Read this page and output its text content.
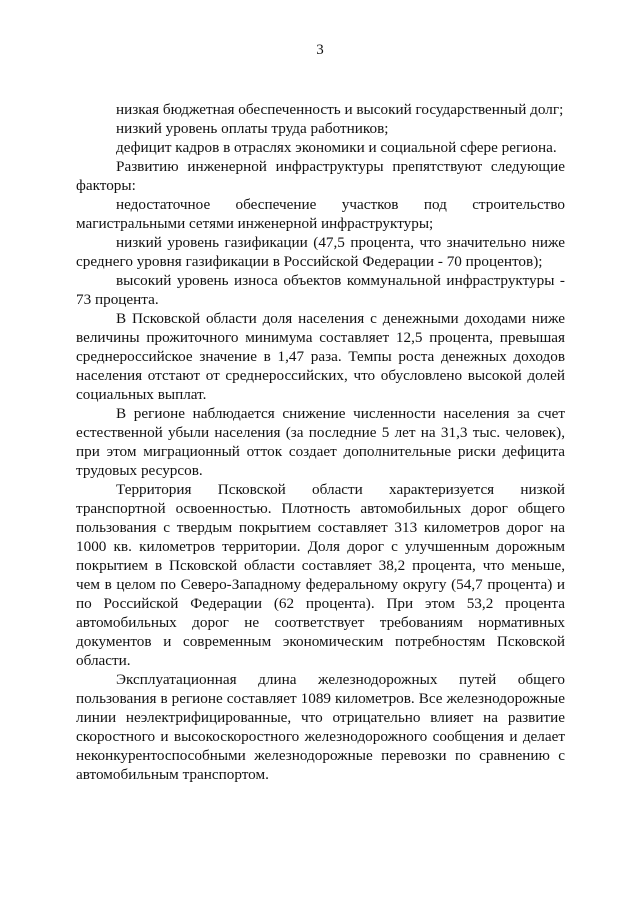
3

низкая бюджетная обеспеченность и высокий государственный долг;

низкий уровень оплаты труда работников;

дефицит кадров в отраслях экономики и социальной сфере региона.

Развитию инженерной инфраструктуры препятствуют следующие факторы:

недостаточное обеспечение участков под строительство магистральными сетями инженерной инфраструктуры;

низкий уровень газификации (47,5 процента, что значительно ниже среднего уровня газификации в Российской Федерации - 70 процентов);

высокий уровень износа объектов коммунальной инфраструктуры - 73 процента.

В Псковской области доля населения с денежными доходами ниже величины прожиточного минимума составляет 12,5 процента, превышая среднероссийское значение в 1,47 раза. Темпы роста денежных доходов населения отстают от среднероссийских, что обусловлено высокой долей социальных выплат.

В регионе наблюдается снижение численности населения за счет естественной убыли населения (за последние 5 лет на 31,3 тыс. человек), при этом миграционный отток создает дополнительные риски дефицита трудовых ресурсов.

Территория Псковской области характеризуется низкой транспортной освоенностью. Плотность автомобильных дорог общего пользования с твердым покрытием составляет 313 километров дорог на 1000 кв. километров территории. Доля дорог с улучшенным дорожным покрытием в Псковской области составляет 38,2 процента, что меньше, чем в целом по Северо-Западному федеральному округу (54,7 процента) и по Российской Федерации (62 процента). При этом 53,2 процента автомобильных дорог не соответствует требованиям нормативных документов и современным экономическим потребностям Псковской области.

Эксплуатационная длина железнодорожных путей общего пользования в регионе составляет 1089 километров. Все железнодорожные линии неэлектрифицированные, что отрицательно влияет на развитие скоростного и высокоскоростного железнодорожного сообщения и делает неконкурентоспособными железнодорожные перевозки по сравнению с автомобильным транспортом.
